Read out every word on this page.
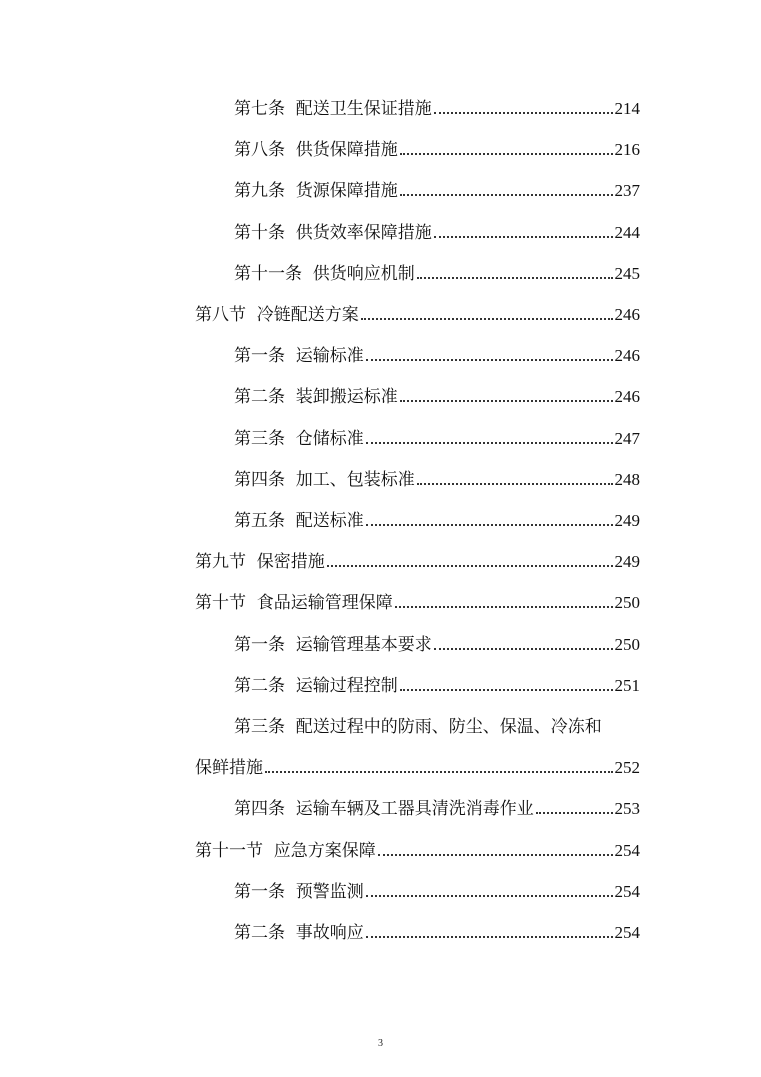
第七条  配送卫生保证措施	214
第八条  供货保障措施	216
第九条  货源保障措施	237
第十条  供货效率保障措施	244
第十一条  供货响应机制	245
第八节  冷链配送方案	246
第一条  运输标准	246
第二条  装卸搬运标准	246
第三条  仓储标准	247
第四条  加工、包装标准	248
第五条  配送标准	249
第九节  保密措施	249
第十节  食品运输管理保障	250
第一条  运输管理基本要求	250
第二条  运输过程控制	251
第三条  配送过程中的防雨、防尘、保温、冷冻和
保鲜措施	252
第四条  运输车辆及工器具清洗消毒作业	253
第十一节  应急方案保障	254
第一条  预警监测	254
第二条  事故响应	254
3
